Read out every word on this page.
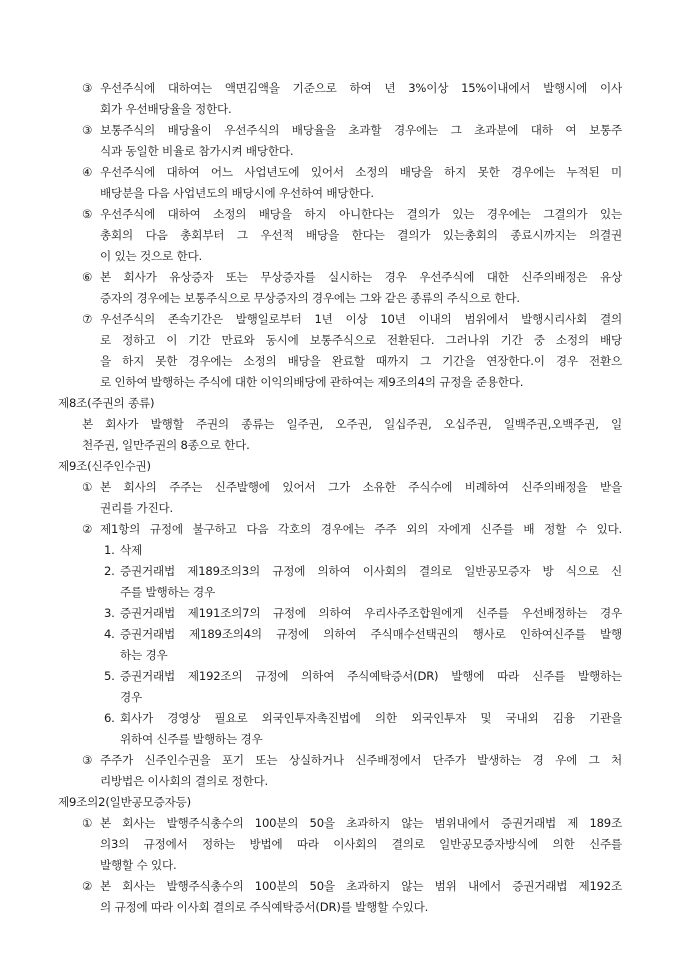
③ 우선주식에 대하여는 액면김액을 기준으로 하여 년 3%이상 15%이내에서 발행시에 이사
회가 우선배당율을 정한다.
③ 보통주식의 배당율이 우선주식의 배당율을 초과할 경우에는 그 초과분에 대하 여 보통주
식과 동일한 비율로 참가시켜 배당한다.
④ 우선주식에 대하여 어느 사업년도에 있어서 소정의 배당을 하지 못한 경우에는 누적된 미
배당분을 다음 사업년도의 배당시에 우선하여 배당한다.
⑤ 우선주식에 대하여 소정의 배당을 하지 아니한다는 결의가 있는 경우에는 그결의가 있는
총회의 다음 총회부터 그 우선적 배당을 한다는 결의가 있는총회의 종료시까지는 의결권
이 있는 것으로 한다.
⑥ 본 회사가 유상증자 또는 무상증자를 실시하는 경우 우선주식에 대한 신주의배정은 유상
증자의 경우에는 보통주식으로 무상증자의 경우에는 그와 같은 종류의 주식으로 한다.
⑦ 우선주식의 존속기간은 발행일로부터 1년 이상 10년 이내의 범위에서 발행시리사회 결의
로 정하고 이 기간 만료와 동시에 보통주식으로 전환된다. 그러나위 기간 중 소정의 배당
을 하지 못한 경우에는 소정의 배당을 완료할 때까지 그 기간을 연장한다.이 경우 전환으
로 인하여 발행하는 주식에 대한 이익의배당에 관하여는 제9조의4의 규정을 준용한다.
제8조(주권의 종류)
본 회사가 발행할 주권의 종류는 일주권, 오주권, 일십주권, 오십주권, 일백주권,오백주권, 일
천주권, 일만주권의 8종으로 한다.
제9조(신주인수권)
① 본 회사의 주주는 신주발행에 있어서 그가 소유한 주식수에 비례하여 신주의배정을 받을
권리를 가진다.
② 제1항의 규정에 불구하고 다음 각호의 경우에는 주주 외의 자에게 신주를 배 정할 수 있다.
1. 삭제
2. 증권거래법 제189조의3의 규정에 의하여 이사회의 결의로 일반공모증자 방 식으로 신
주를 발행하는 경우
3. 증권거래법 제191조의7의 규정에 의하여 우리사주조합원에게 신주를 우선배정하는 경우
4. 증권거래법 제189조의4의 규정에 의하여 주식매수선택권의 행사로 인하여신주를 발행
하는 경우
5. 증권거래법 제192조의 규정에 의하여 주식예탁증서(DR) 발행에 따라 신주를 발행하는
경우
6. 회사가 경영상 필요로 외국인투자촉진법에 의한 외국인투자 및 국내외 김융 기관을
위하여 신주를 발행하는 경우
③ 주주가 신주인수권을 포기 또는 상실하거나 신주배정에서 단주가 발생하는 경 우에 그 처
리방법은 이사회의 결의로 정한다.
제9조의2(일반공모증자등)
① 본 회사는 발행주식총수의 100분의 50을 초과하지 않는 범위내에서 증권거래법 제 189조
의3의 규정에서 정하는 방법에 따라 이사회의 결의로 일반공모증자방식에 의한 신주를
발행할 수 있다.
② 본 회사는 발행주식총수의 100분의 50을 초과하지 않는 범위 내에서 증권거래법 제192조
의 규정에 따라 이사회 결의로 주식예탁증서(DR)를 발행할 수있다.
